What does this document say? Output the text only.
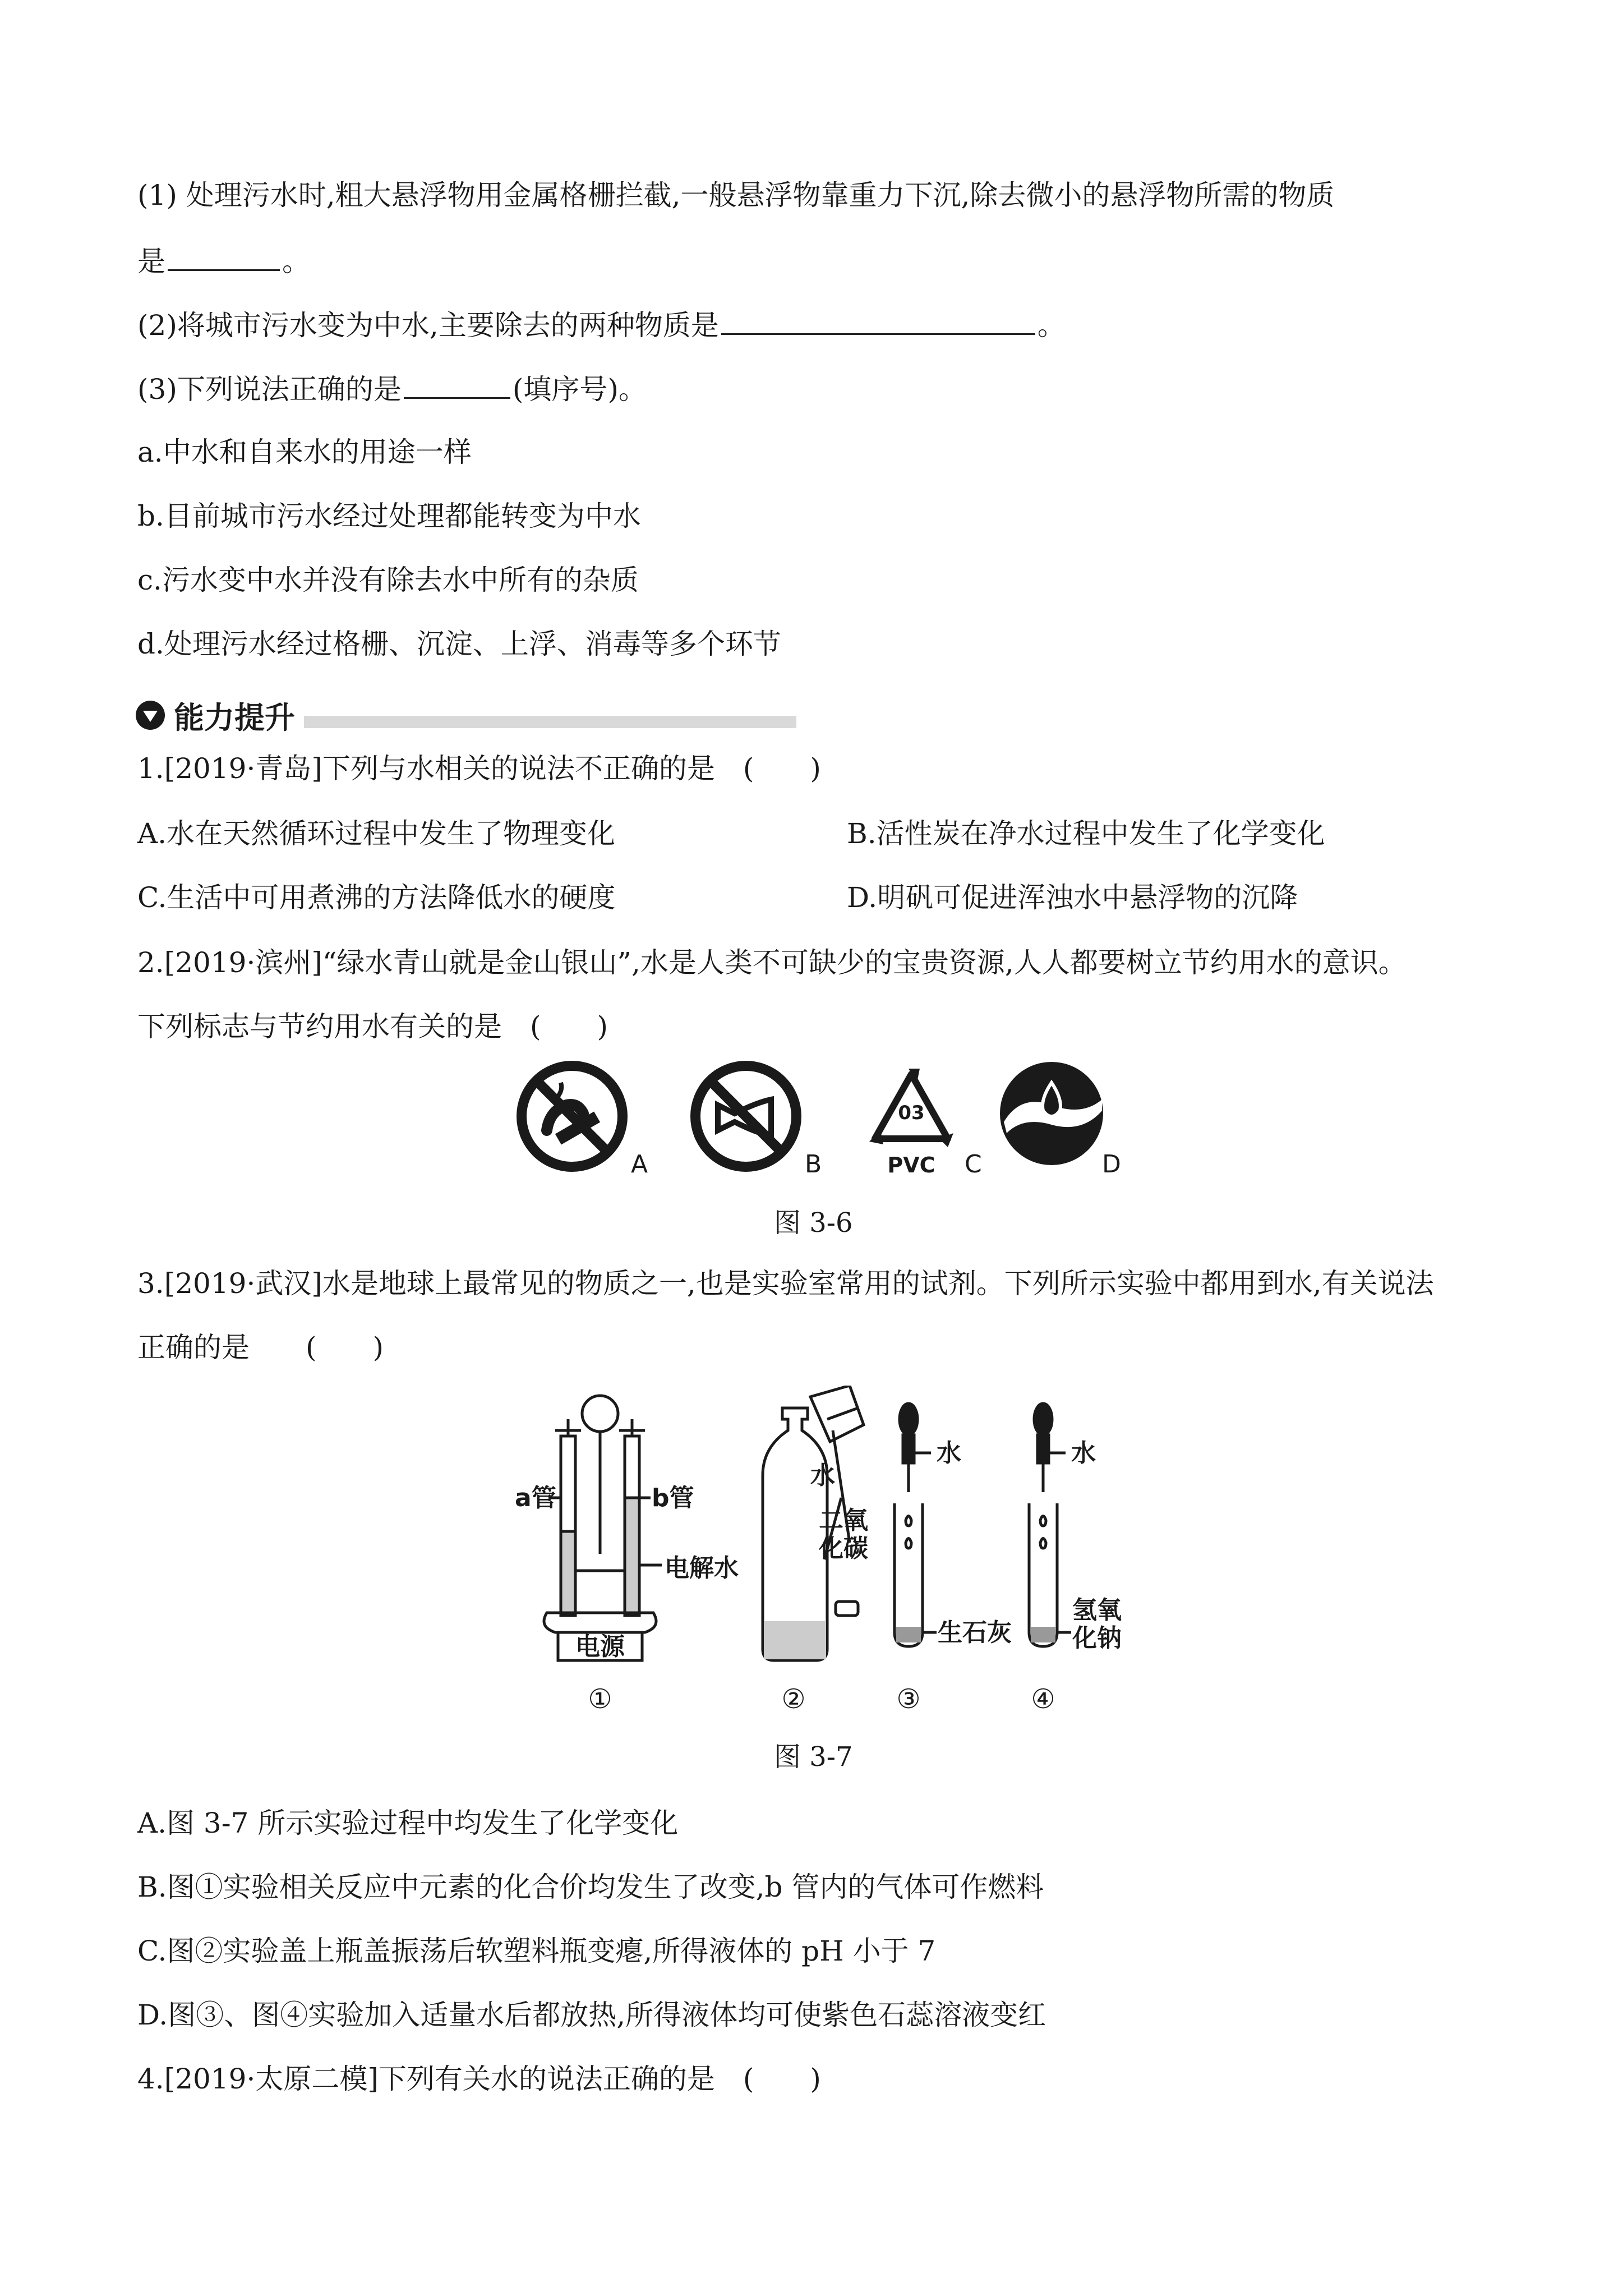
(1) 处理污水时,粗大悬浮物用金属格栅拦截,一般悬浮物靠重力下沉,除去微小的悬浮物所需的物质
是	。
(2)将城市污水变为中水,主要除去的两种物质是	。
(3)下列说法正确的是	(填序号)。
a.中水和自来水的用途一样
b.目前城市污水经过处理都能转变为中水
c.污水变中水并没有除去水中所有的杂质
d.处理污水经过格栅、沉淀、上浮、消毒等多个环节
能力提升
1.[2019·青岛]下列与水相关的说法不正确的是　(　　)
A.水在天然循环过程中发生了物理变化	B.活性炭在净水过程中发生了化学变化
C.生活中可用煮沸的方法降低水的硬度	D.明矾可促进浑浊水中悬浮物的沉降
2.[2019·滨州]“绿水青山就是金山银山”,水是人类不可缺少的宝贵资源,人人都要树立节约用水的意识。
下列标志与节约用水有关的是　(　　)
A	B
03
PVC C	D
图 3-6
3.[2019·武汉]水是地球上最常见的物质之一,也是实验室常用的试剂。下列所示实验中都用到水,有关说法
正确的是　　(　　)
a管	b管
电解水
电源
①
水
二氧
化碳
②
水
生石灰
③
水
氢氧
化钠
④
图 3-7
A.图 3-7 所示实验过程中均发生了化学变化
B.图①实验相关反应中元素的化合价均发生了改变,b 管内的气体可作燃料
C.图②实验盖上瓶盖振荡后软塑料瓶变瘪,所得液体的 pH 小于 7
D.图③、图④实验加入适量水后都放热,所得液体均可使紫色石蕊溶液变红
4.[2019·太原二模]下列有关水的说法正确的是　(　　)
